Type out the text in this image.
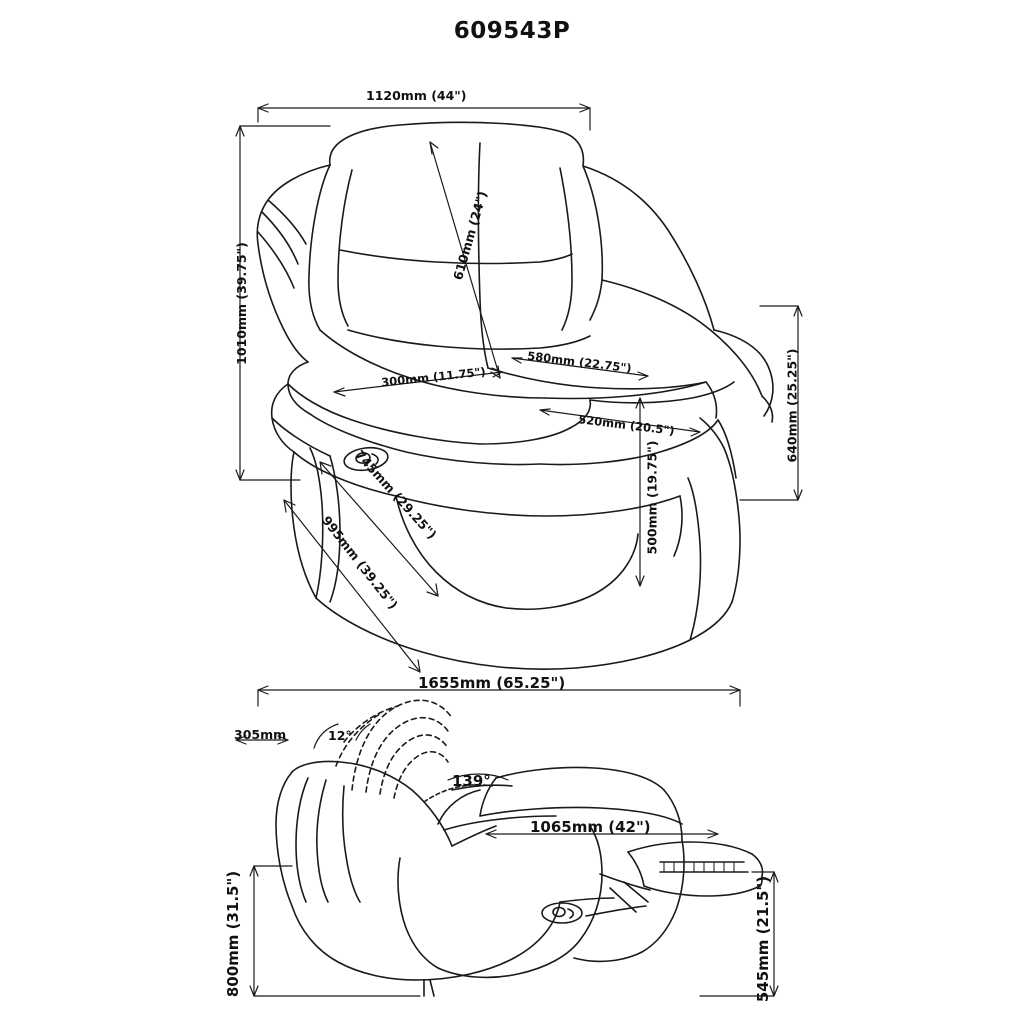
609543P
1120mm (44")
1010mm (39.75")
610mm (24")
300mm (11.75")
580mm (22.75")
520mm (20.5")	640mm (25.25")
500mm (19.75")
745mm (29.25")
995mm (39.25")
1655mm (65.25")
305mm	12°
139°
1065mm (42")
800mm (31.5")	545mm (21.5")
